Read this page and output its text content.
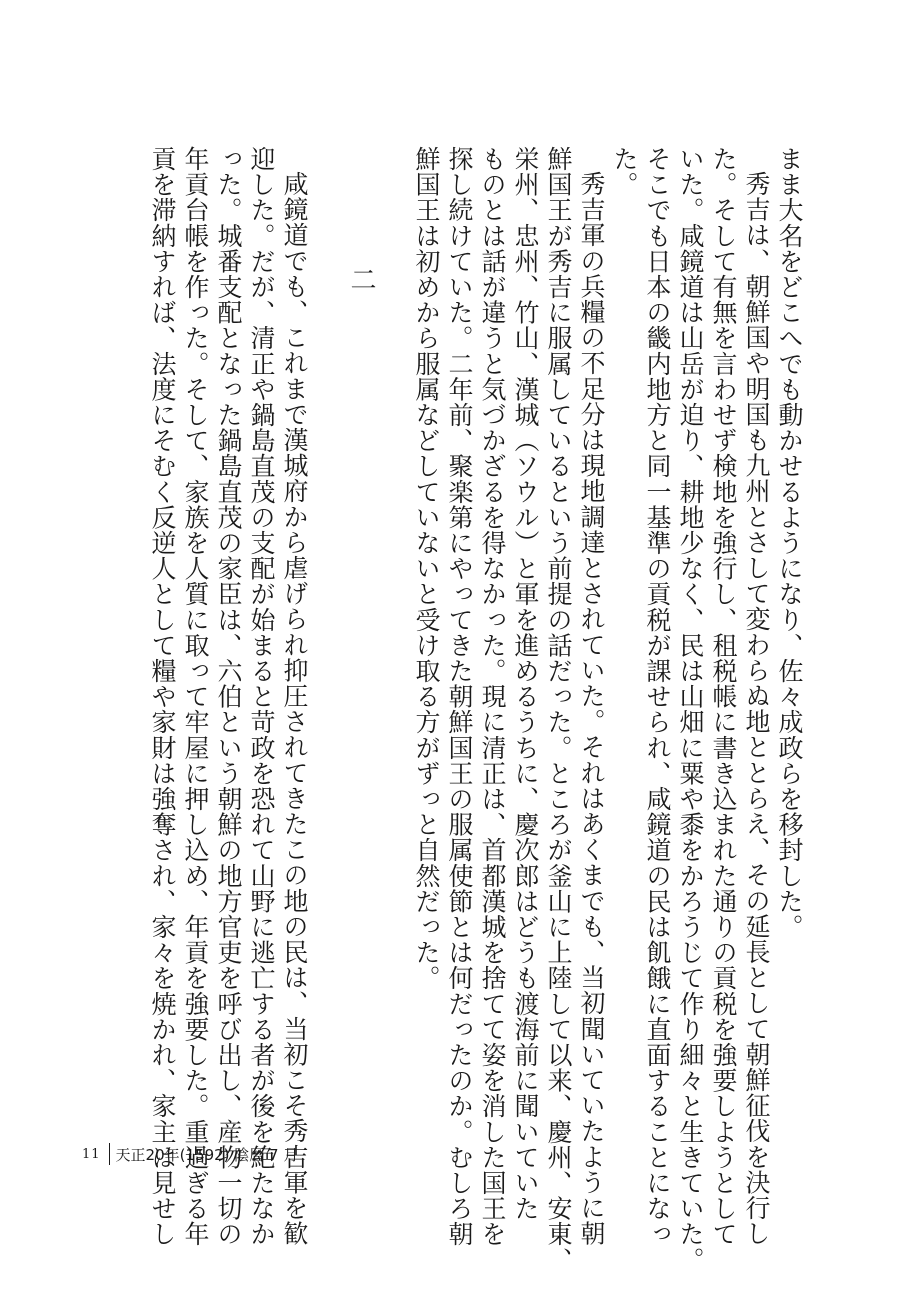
まま大名をどこへでも動かせるようになり、佐々成政らを移封した。
秀吉は、朝鮮国や明国も九州とさして変わらぬ地ととらえ、その延長として朝鮮征伐を決行し
た。そして有無を言わせず検地を強行し、租税帳に書き込まれた通りの貢税を強要しようとして
いた。咸鏡道は山岳が迫り、耕地少なく、民は山畑に粟や黍をかろうじて作り細々と生きていた。
そこでも日本の畿内地方と同一基準の貢税が課せられ、咸鏡道の民は飢餓に直面することになっ
た。
秀吉軍の兵糧の不足分は現地調達とされていた。それはあくまでも、当初聞いていたように朝
鮮国王が秀吉に服属しているという前提の話だった。ところが釜山に上陸して以来、慶州、安東、
栄州、忠州、竹山、漢城（ソウル）と軍を進めるうちに、慶次郎はどうも渡海前に聞いていた
ものとは話が違うと気づかざるを得なかった。現に清正は、首都漢城を捨てて姿を消した国王を
探し続けていた。二年前、聚楽第にやってきた朝鮮国王の服属使節とは何だったのか。むしろ朝
鮮国王は初めから服属などしていないと受け取る方がずっと自然だった。
二
咸鏡道でも、これまで漢城府から虐げられ抑圧されてきたこの地の民は、当初こそ秀吉軍を歓
迎した。だが、清正や鍋島直茂の支配が始まると苛政を恐れて山野に逃亡する者が後を絶たなか
った。城番支配となった鍋島直茂の家臣は、六伯という朝鮮の地方官吏を呼び出し、産物一切の
年貢台帳を作った。そして、家族を人質に取って牢屋に押し込め、年貢を強要した。重過ぎる年
貢を滞納すれば、法度にそむく反逆人として糧や家財は強奪され、家々を焼かれ、家主は見せし
11 天正20年(1592) 陰暦 7 月
